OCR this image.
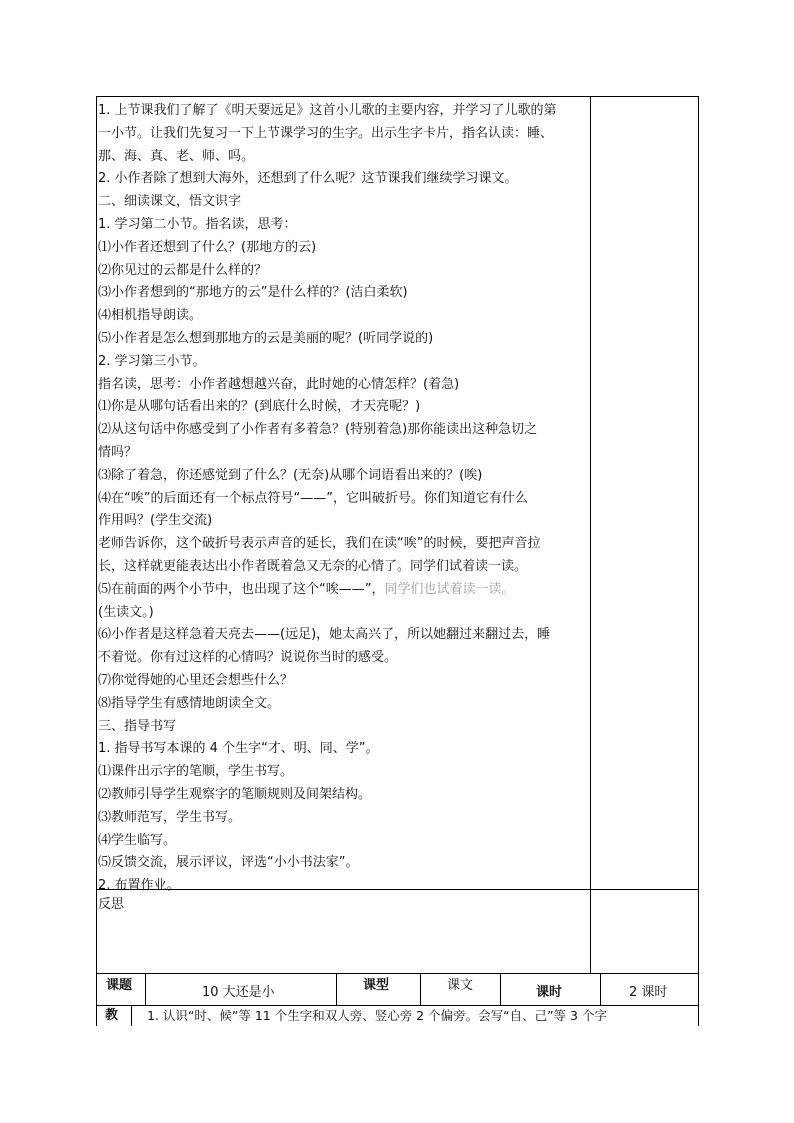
1. 上节课我们了解了《明天要远足》这首小儿歌的主要内容，并学习了儿歌的第
一小节。让我们先复习一下上节课学习的生字。出示生字卡片，指名认读：睡、
那、海、真、老、师、吗。
2. 小作者除了想到大海外，还想到了什么呢？这节课我们继续学习课文。
二、细读课文，悟文识字
1. 学习第二小节。指名读，思考：
⑴小作者还想到了什么？(那地方的云)
⑵你见过的云都是什么样的？
⑶小作者想到的“那地方的云”是什么样的？(洁白柔软)
⑷相机指导朗读。
⑸小作者是怎么想到那地方的云是美丽的呢？(听同学说的)
2. 学习第三小节。
指名读，思考：小作者越想越兴奋，此时她的心情怎样？(着急)
⑴你是从哪句话看出来的？(到底什么时候，才天亮呢？)
⑵从这句话中你感受到了小作者有多着急？(特别着急)那你能读出这种急切之
情吗？
⑶除了着急，你还感觉到了什么？(无奈)从哪个词语看出来的？(唉)
⑷在“唉”的后面还有一个标点符号“——”，它叫破折号。你们知道它有什么
作用吗？(学生交流)
老师告诉你，这个破折号表示声音的延长，我们在读“唉”的时候，要把声音拉
长，这样就更能表达出小作者既着急又无奈的心情了。同学们试着读一读。
⑸在前面的两个小节中，也出现了这个“唉——”，同学们也试着读一读。
(生读文。)
⑹小作者是这样急着天亮去——(远足)，她太高兴了，所以她翻过来翻过去，睡
不着觉。你有过这样的心情吗？说说你当时的感受。
⑺你觉得她的心里还会想些什么？
⑻指导学生有感情地朗读全文。
三、指导书写
1. 指导书写本课的 4 个生字“才、明、同、学”。
⑴课件出示字的笔顺，学生书写。
⑵教师引导学生观察字的笔顺规则及间架结构。
⑶教师范写，学生书写。
⑷学生临写。
⑸反馈交流，展示评议，评选“小小书法家”。
2. 布置作业。
反思
课题	10 大还是小	课型	课文	课时	2 课时
教 1. 认识“时、候”等 11 个生字和双人旁、竖心旁 2 个偏旁。会写“自、己”等 3 个字
